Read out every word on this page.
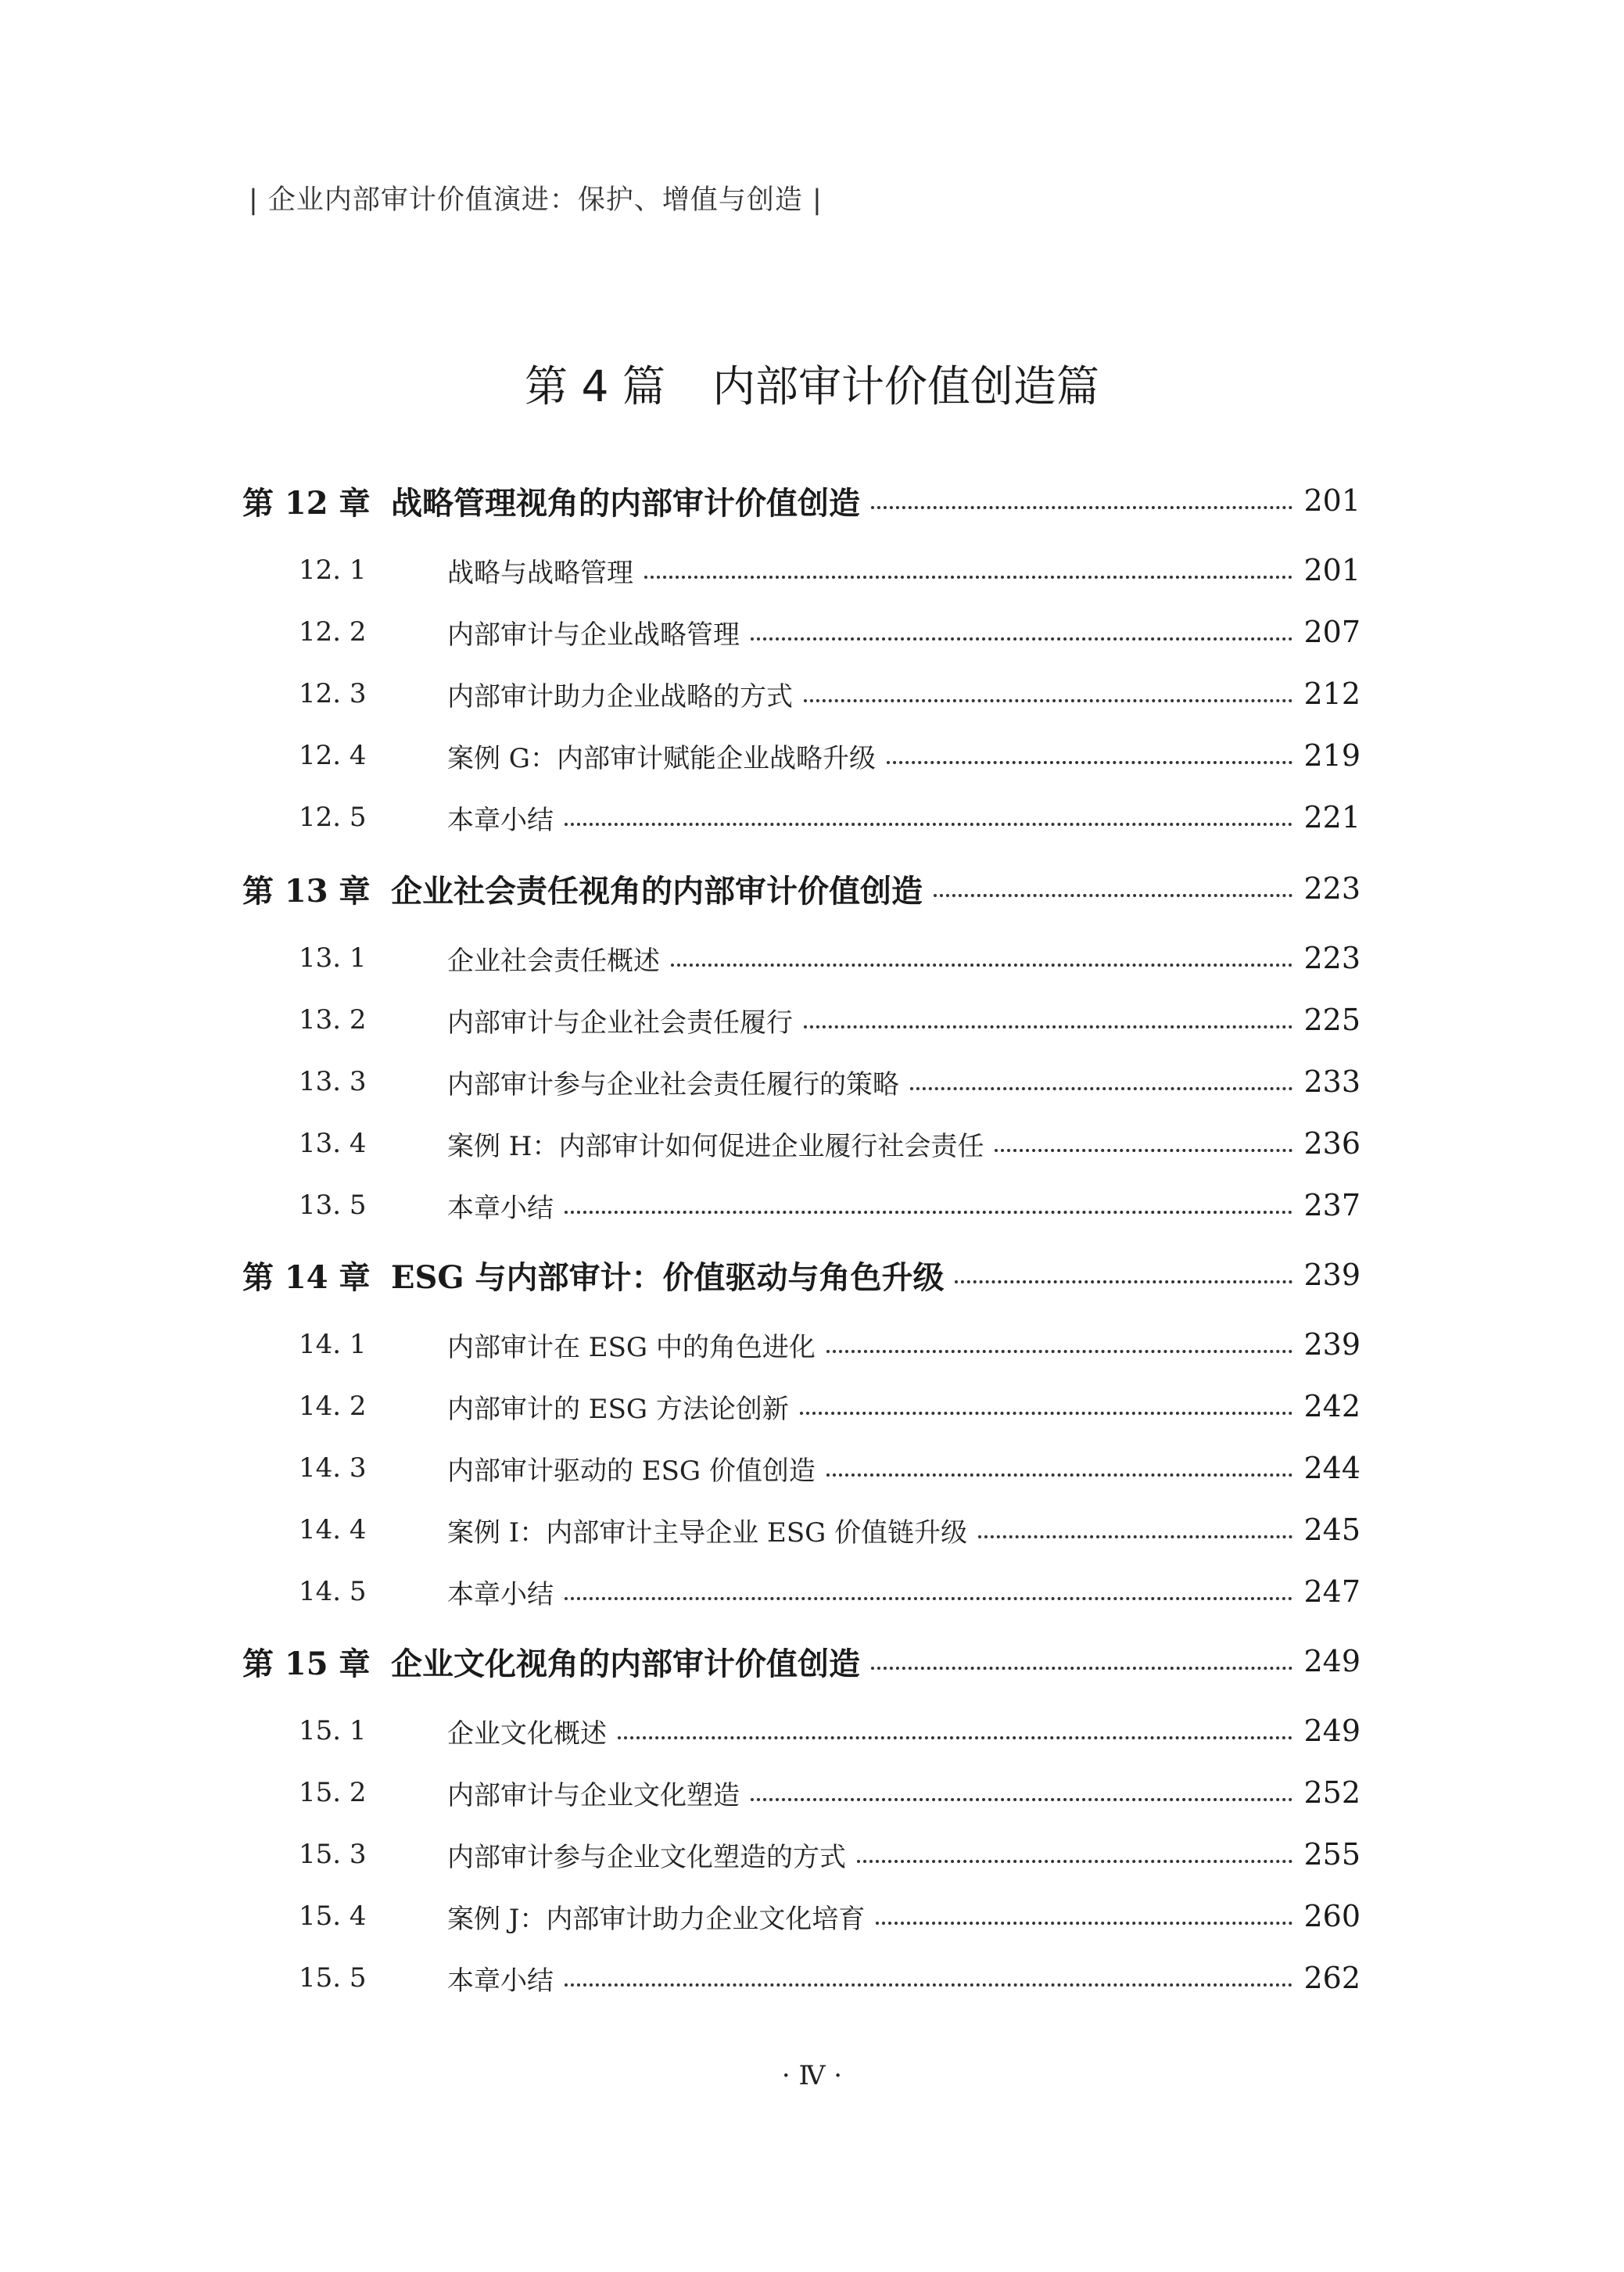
| 企业内部审计价值演进：保护、增值与创造 |
第 4 篇 内部审计价值创造篇
第 12 章 战略管理视角的内部审计价值创造	201
12. 1	战略与战略管理	201
12. 2	内部审计与企业战略管理	207
12. 3	内部审计助力企业战略的方式	212
12. 4	案例 G：内部审计赋能企业战略升级	219
12. 5	本章小结	221
第 13 章 企业社会责任视角的内部审计价值创造	223
13. 1	企业社会责任概述	223
13. 2	内部审计与企业社会责任履行	225
13. 3	内部审计参与企业社会责任履行的策略	233
13. 4	案例 H：内部审计如何促进企业履行社会责任	236
13. 5	本章小结	237
第 14 章 ESG 与内部审计：价值驱动与角色升级	239
14. 1	内部审计在 ESG 中的角色进化	239
14. 2	内部审计的 ESG 方法论创新	242
14. 3	内部审计驱动的 ESG 价值创造	244
14. 4	案例 I：内部审计主导企业 ESG 价值链升级	245
14. 5	本章小结	247
第 15 章 企业文化视角的内部审计价值创造	249
15. 1	企业文化概述	249
15. 2	内部审计与企业文化塑造	252
15. 3	内部审计参与企业文化塑造的方式	255
15. 4	案例 J：内部审计助力企业文化培育	260
15. 5	本章小结	262
· Ⅳ ·
